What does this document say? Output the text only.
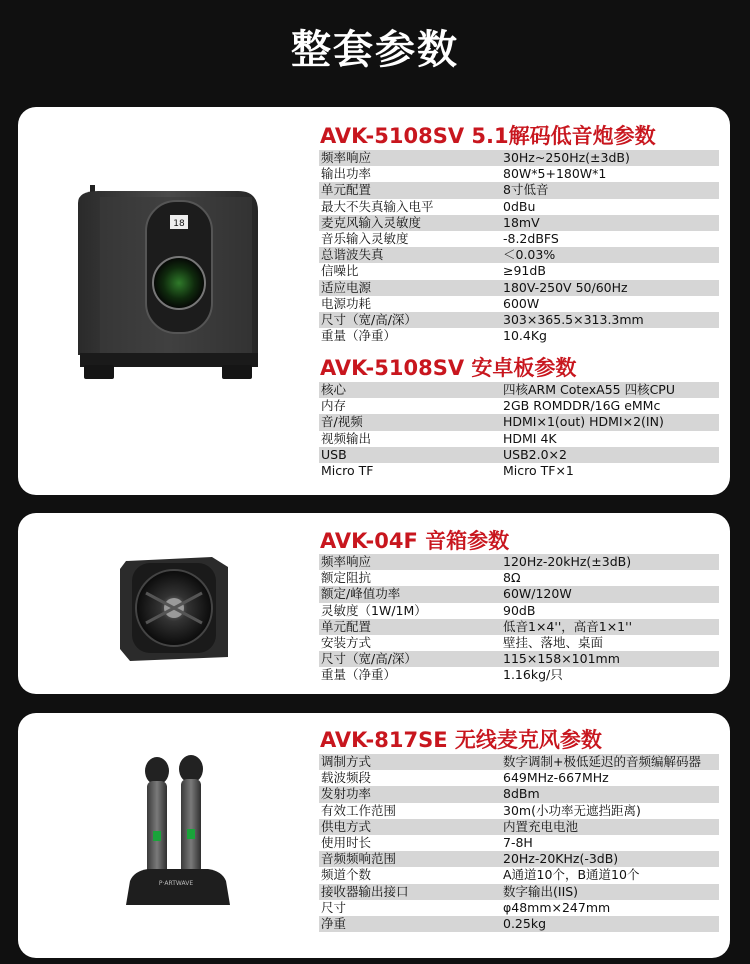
整套参数
18
AVK-5108SV 5.1解码低音炮参数
频率响应	30Hz~250Hz(±3dB)
输出功率	80W*5+180W*1
单元配置	8寸低音
最大不失真输入电平	0dBu
麦克风输入灵敏度	18mV
音乐输入灵敏度	-8.2dBFS
总谐波失真	＜0.03%
信噪比	≥91dB
适应电源	180V-250V 50/60Hz
电源功耗	600W
尺寸（宽/高/深）	303×365.5×313.3mm
重量（净重）	10.4Kg
AVK-5108SV 安卓板参数
核心	四核ARM CotexA55 四核CPU
内存	2GB ROMDDR/16G eMMc
音/视频	HDMI×1(out) HDMI×2(IN)
视频输出	HDMI 4K
USB	USB2.0×2
Micro TF	Micro TF×1
AVK-04F 音箱参数
频率响应	120Hz-20kHz(±3dB)
额定阻抗	8Ω
额定/峰值功率	60W/120W
灵敏度（1W/1M）	90dB
单元配置	低音1×4''，高音1×1''
安装方式	壁挂、落地、桌面
尺寸（宽/高/深）	115×158×101mm
重量（净重）	1.16kg/只
P·ARTWAVE
AVK-817SE 无线麦克风参数
调制方式	数字调制+极低延迟的音频编解码器
载波频段	649MHz-667MHz
发射功率	8dBm
有效工作范围	30m(小功率无遮挡距离)
供电方式	内置充电电池
使用时长	7-8H
音频频响范围	20Hz-20KHz(-3dB)
频道个数	A通道10个，B通道10个
接收器输出接口	数字输出(IIS)
尺寸	φ48mm×247mm
净重	0.25kg
